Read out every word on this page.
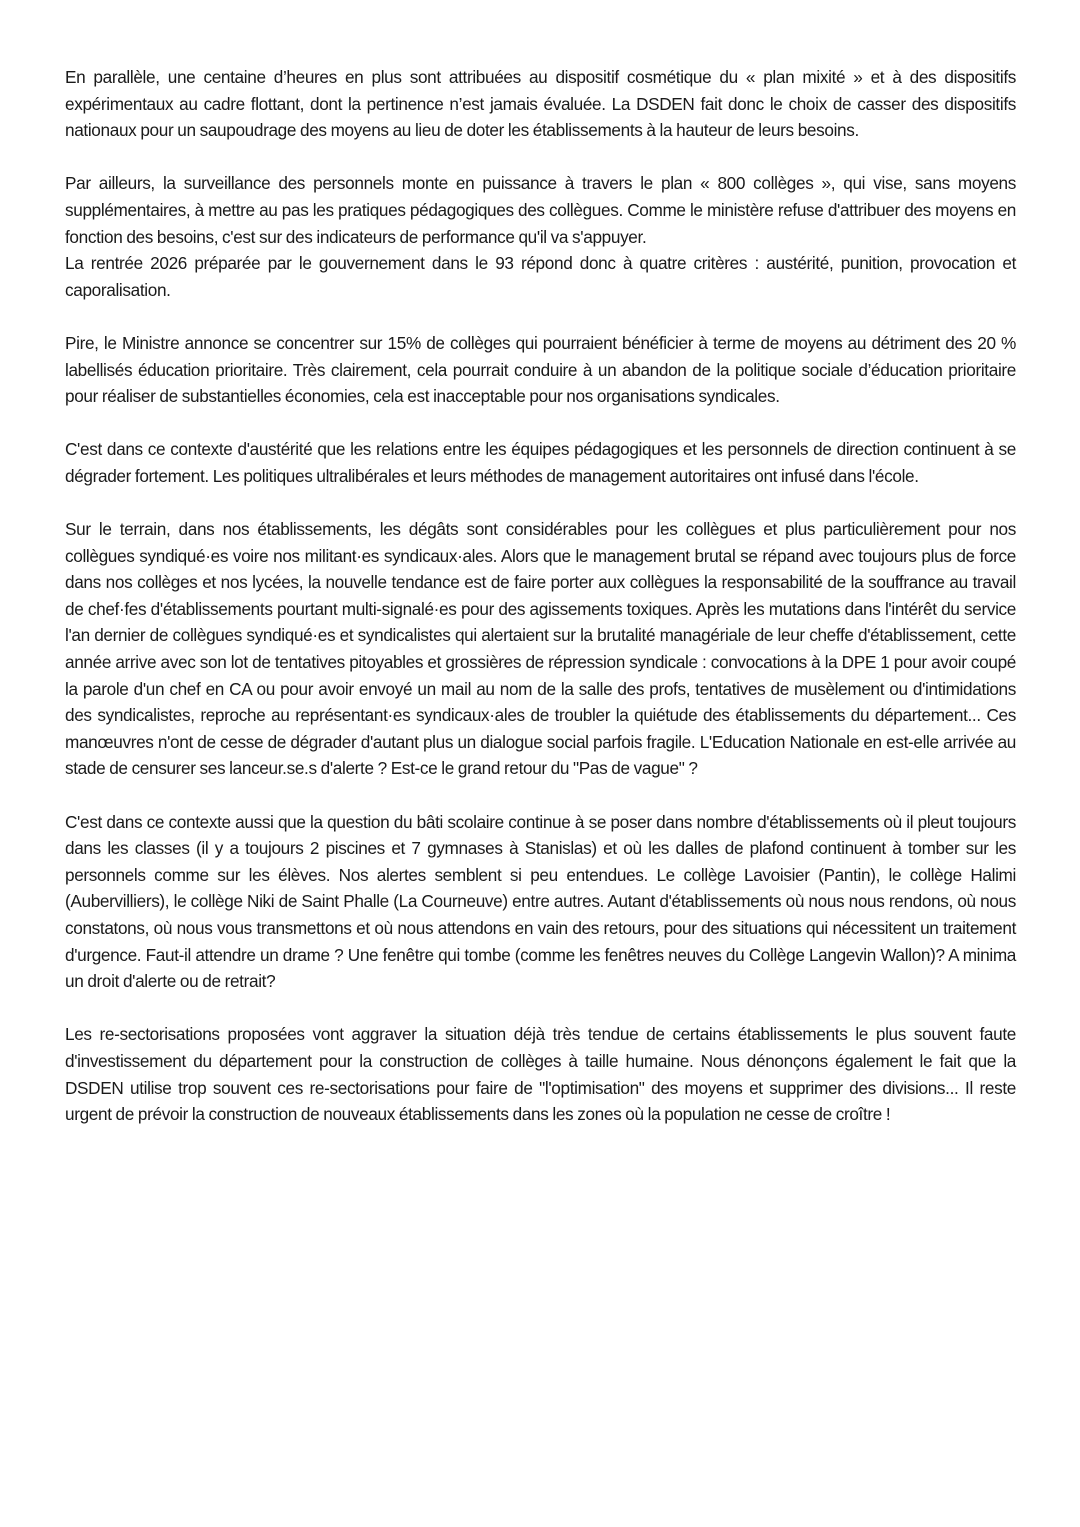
En parallèle, une centaine d’heures en plus sont attribuées au dispositif cosmétique du « plan mixité » et à des dispositifs expérimentaux au cadre flottant, dont la pertinence n’est jamais évaluée. La DSDEN fait donc le choix de casser des dispositifs nationaux pour un saupoudrage des moyens au lieu de doter les établissements à la hauteur de leurs besoins.

Par ailleurs, la surveillance des personnels monte en puissance à travers le plan « 800 collèges », qui vise, sans moyens supplémentaires, à mettre au pas les pratiques pédagogiques des collègues. Comme le ministère refuse d'attribuer des moyens en fonction des besoins, c'est sur des indicateurs de performance qu'il va s'appuyer.

La rentrée 2026 préparée par le gouvernement dans le 93 répond donc à quatre critères : austérité, punition, provocation et caporalisation.

Pire, le Ministre annonce se concentrer sur 15% de collèges qui pourraient bénéficier à terme de moyens au détriment des 20 % labellisés éducation prioritaire. Très clairement, cela pourrait conduire à un abandon de la politique sociale d’éducation prioritaire pour réaliser de substantielles économies, cela est inacceptable pour nos organisations syndicales.

C'est dans ce contexte d'austérité que les relations entre les équipes pédagogiques et les personnels de direction continuent à se dégrader fortement. Les politiques ultralibérales et leurs méthodes de management autoritaires ont infusé dans l'école.

Sur le terrain, dans nos établissements, les dégâts sont considérables pour les collègues et plus particulièrement pour nos collègues syndiqué·es voire nos militant·es syndicaux·ales. Alors que le management brutal se répand avec toujours plus de force dans nos collèges et nos lycées, la nouvelle tendance est de faire porter aux collègues la responsabilité de la souffrance au travail de chef·fes d'établissements pourtant multi-signalé·es pour des agissements toxiques. Après les mutations dans l'intérêt du service l'an dernier de collègues syndiqué·es et syndicalistes qui alertaient sur la brutalité managériale de leur cheffe d'établissement, cette année arrive avec son lot de tentatives pitoyables et grossières de répression syndicale : convocations à la DPE 1 pour avoir coupé la parole d'un chef en CA ou pour avoir envoyé un mail au nom de la salle des profs, tentatives de musèlement ou d'intimidations des syndicalistes, reproche au représentant·es syndicaux·ales de troubler la quiétude des établissements du département... Ces manœuvres n'ont de cesse de dégrader d'autant plus un dialogue social parfois fragile. L'Education Nationale en est-elle arrivée au stade de censurer ses lanceur.se.s d'alerte ? Est-ce le grand retour du "Pas de vague" ?

C'est dans ce contexte aussi que la question du bâti scolaire continue à se poser dans nombre d'établissements où il pleut toujours dans les classes (il y a toujours 2 piscines et 7 gymnases à Stanislas) et où les dalles de plafond continuent à tomber sur les personnels comme sur les élèves. Nos alertes semblent si peu entendues. Le collège Lavoisier (Pantin), le collège Halimi (Aubervilliers), le collège Niki de Saint Phalle (La Courneuve) entre autres. Autant d'établissements où nous nous rendons, où nous constatons, où nous vous transmettons et où nous attendons en vain des retours, pour des situations qui nécessitent un traitement d'urgence. Faut-il attendre un drame ? Une fenêtre qui tombe (comme les fenêtres neuves du Collège Langevin Wallon)? A minima un droit d'alerte ou de retrait?

Les re-sectorisations proposées vont aggraver la situation déjà très tendue de certains établissements le plus souvent faute d'investissement du département pour la construction de collèges à taille humaine. Nous dénonçons également le fait que la DSDEN utilise trop souvent ces re-sectorisations pour faire de "l'optimisation" des moyens et supprimer des divisions... Il reste urgent de prévoir la construction de nouveaux établissements dans les zones où la population ne cesse de croître !
